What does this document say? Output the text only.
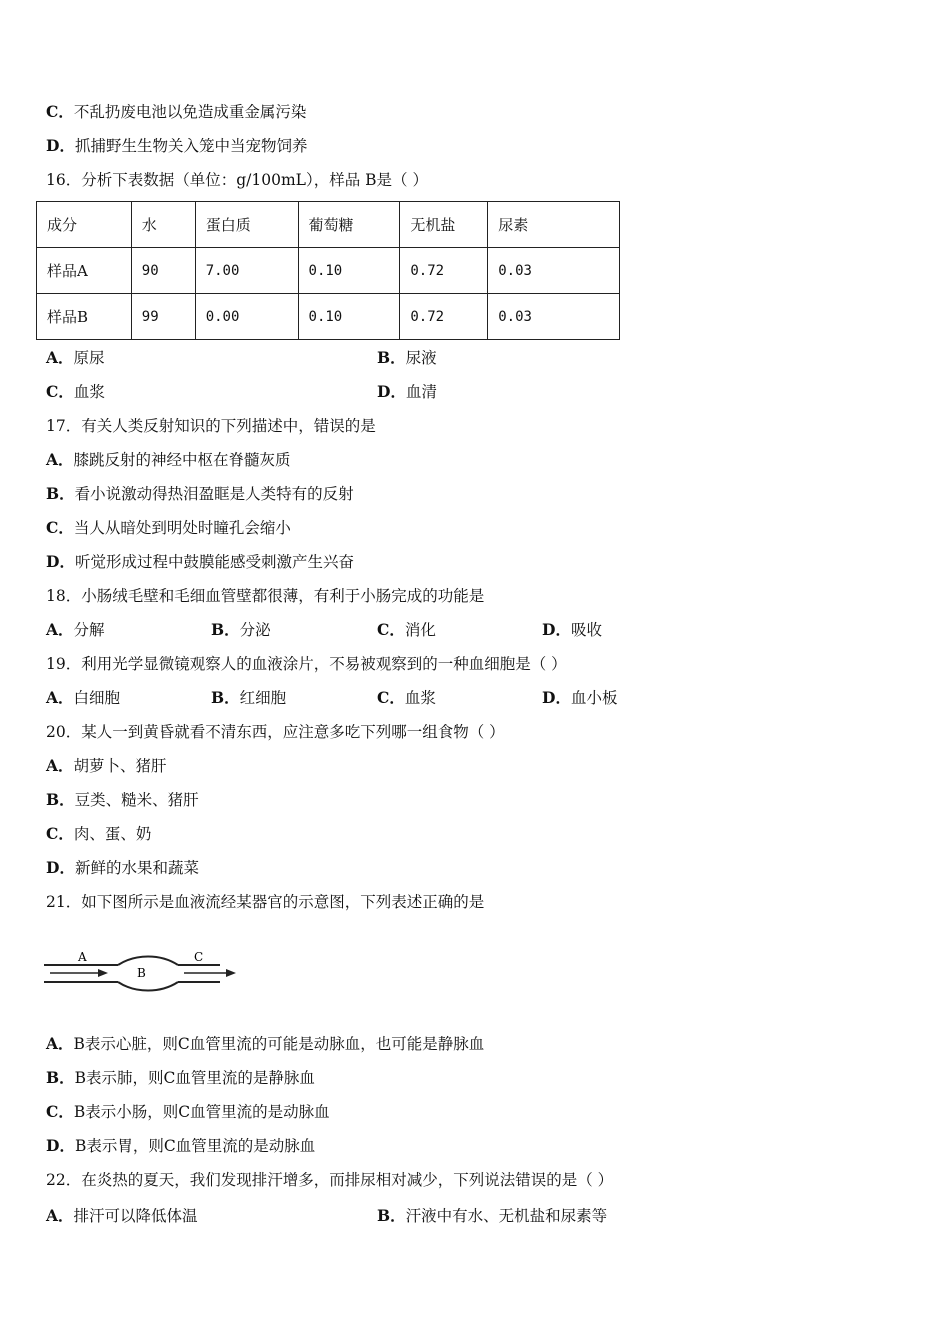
C．不乱扔废电池以免造成重金属污染
D．抓捕野生生物关入笼中当宠物饲养
16．分析下表数据（单位：g/100mL），样品 B是（ ）
成分	水	蛋白质	葡萄糖	无机盐	尿素
样品A	90	7.00	0.10	0.72	0.03
样品B	99	0.00	0.10	0.72	0.03
A．原尿	B．尿液
C．血浆	D．血清
17．有关人类反射知识的下列描述中，错误的是
A．膝跳反射的神经中枢在脊髓灰质
B．看小说激动得热泪盈眶是人类特有的反射
C．当人从暗处到明处时瞳孔会缩小
D．听觉形成过程中鼓膜能感受刺激产生兴奋
18．小肠绒毛壁和毛细血管壁都很薄，有利于小肠完成的功能是
A．分解	B．分泌	C．消化	D．吸收
19．利用光学显微镜观察人的血液涂片，不易被观察到的一种血细胞是（ ）
A．白细胞	B．红细胞	C．血浆	D．血小板
20．某人一到黄昏就看不清东西，应注意多吃下列哪一组食物（ ）
A．胡萝卜、猪肝
B．豆类、糙米、猪肝
C．肉、蛋、奶
D．新鲜的水果和蔬菜
21．如下图所示是血液流经某器官的示意图，下列表述正确的是
A
B
C
A．B表示心脏，则C血管里流的可能是动脉血，也可能是静脉血
B．B表示肺，则C血管里流的是静脉血
C．B表示小肠，则C血管里流的是动脉血
D．B表示胃，则C血管里流的是动脉血
22．在炎热的夏天，我们发现排汗增多，而排尿相对减少，下列说法错误的是（ ）
A．排汗可以降低体温	B．汗液中有水、无机盐和尿素等
